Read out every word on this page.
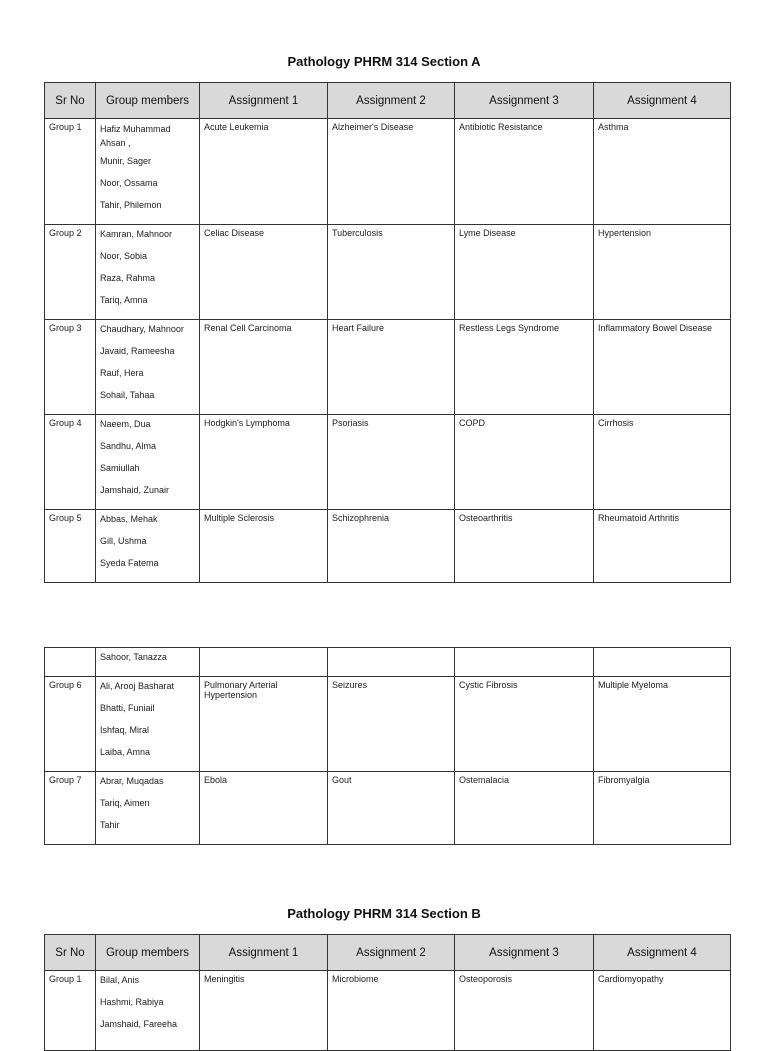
Pathology PHRM 314 Section A
Sr No	Group members	Assignment 1	Assignment 2	Assignment 3	Assignment 4
Group 1	Hafiz Muhammad Ahsan ,
Munir, Sager
Noor, Ossama
Tahir, Philemon	Acute Leukemia	Alzheimer's Disease	Antibiotic Resistance	Asthma
Group 2	Kamran, Mahnoor
Noor, Sobia
Raza, Rahma
Tariq, Amna	Celiac Disease	Tuberculosis	Lyme Disease	Hypertension
Group 3	Chaudhary, Mahnoor
Javaid, Rameesha
Rauf, Hera
Sohail, Tahaa	Renal Cell Carcinoma	Heart Failure	Restless Legs Syndrome	Inflammatory Bowel Disease
Group 4	Naeem, Dua
Sandhu, Alma
Samiullah
Jamshaid, Zunair	Hodgkin's Lymphoma	Psoriasis	COPD	Cirrhosis
Group 5	Abbas, Mehak
Gill, Ushma
Syeda Fatema	Multiple Sclerosis	Schizophrenia	Osteoarthritis	Rheumatoid Arthritis

	Sahoor, Tanazza				

Group 6	Ali, Arooj Basharat
Bhatti, Funiail
Ishfaq, Miral
Laiba, Amna	Pulmonary Arterial Hypertension	Seizures	Cystic Fibrosis	Multiple Myeloma
Group 7	Abrar, Muqadas
Tariq, Aimen
Tahir	Ebola	Gout	Ostemalacia	Fibromyalgia
Pathology PHRM 314 Section B
Sr No	Group members	Assignment 1	Assignment 2	Assignment 3	Assignment 4
Group 1	Bilal, Anis
Hashmi, Rabiya
Jamshaid, Fareeha	Meningitis	Microbiome	Osteoporosis	Cardiomyopathy
